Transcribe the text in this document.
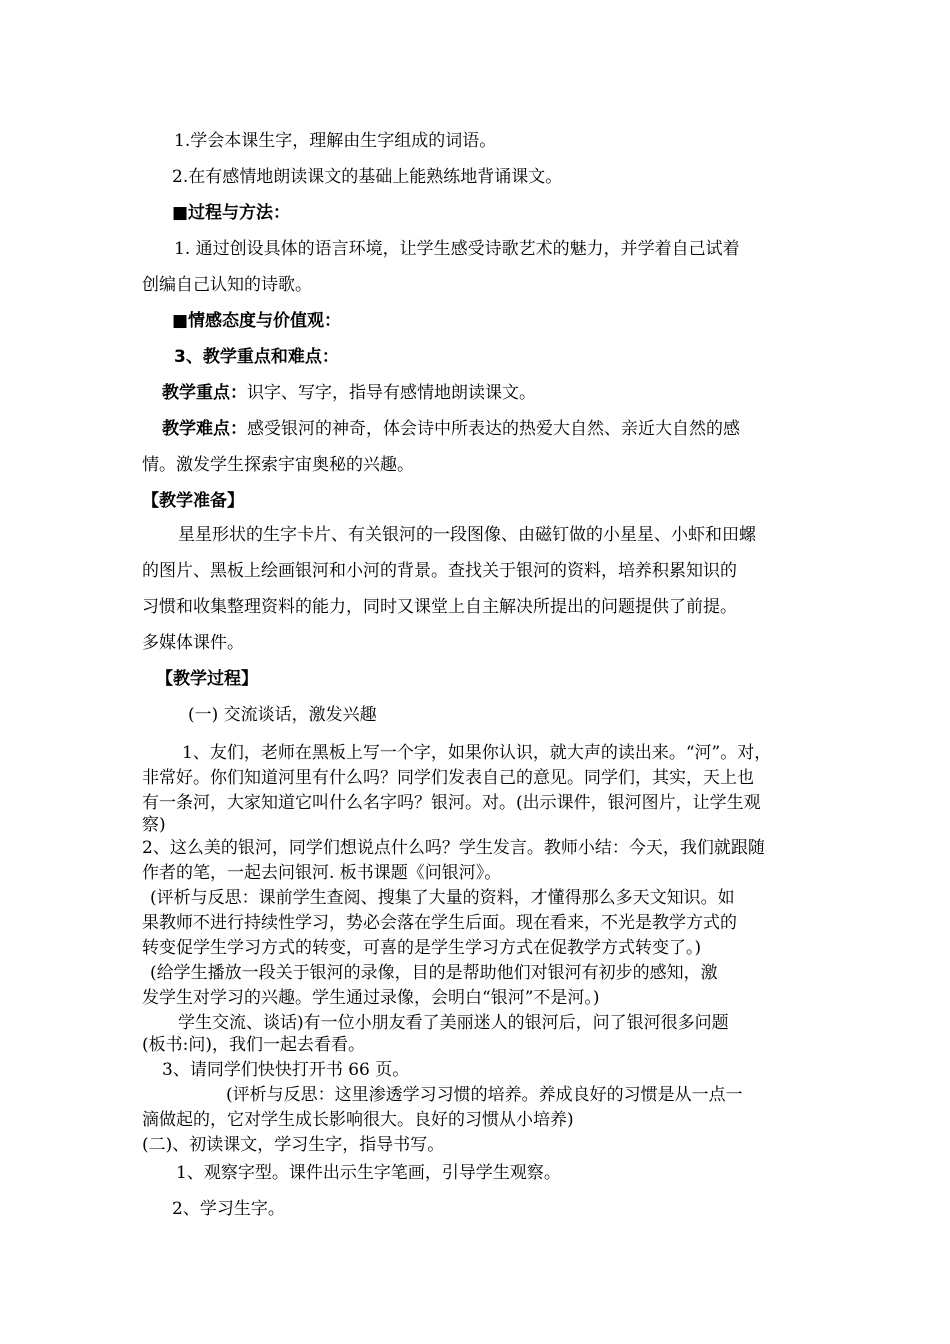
1.学会本课生字，理解由生字组成的词语。
2.在有感情地朗读课文的基础上能熟练地背诵课文。
■过程与方法：
1. 通过创设具体的语言环境，让学生感受诗歌艺术的魅力，并学着自己试着
创编自己认知的诗歌。
■情感态度与价值观：
3、教学重点和难点：
教学重点：识字、写字，指导有感情地朗读课文。
教学难点：感受银河的神奇，体会诗中所表达的热爱大自然、亲近大自然的感
情。激发学生探索宇宙奥秘的兴趣。
【教学准备】
星星形状的生字卡片、有关银河的一段图像、由磁钉做的小星星、小虾和田螺
的图片、黑板上绘画银河和小河的背景。查找关于银河的资料，培养积累知识的
习惯和收集整理资料的能力，同时又课堂上自主解决所提出的问题提供了前提。
多媒体课件。
【教学过程】
(一) 交流谈话，激发兴趣
1、友们，老师在黑板上写一个字，如果你认识，就大声的读出来。“河”。对，
非常好。你们知道河里有什么吗？同学们发表自己的意见。同学们，其实，天上也
有一条河，大家知道它叫什么名字吗？银河。对。(出示课件，银河图片，让学生观
察)
2、这么美的银河，同学们想说点什么吗？学生发言。教师小结：今天，我们就跟随
作者的笔，一起去问银河. 板书课题《问银河》。
(评析与反思：课前学生查阅、搜集了大量的资料，才懂得那么多天文知识。如
果教师不进行持续性学习，势必会落在学生后面。现在看来，不光是教学方式的
转变促学生学习方式的转变，可喜的是学生学习方式在促教学方式转变了。)
(给学生播放一段关于银河的录像，目的是帮助他们对银河有初步的感知，激
发学生对学习的兴趣。学生通过录像，会明白“银河”不是河。)
学生交流、谈话)有一位小朋友看了美丽迷人的银河后，问了银河很多问题
(板书:问)，我们一起去看看。
3、请同学们快快打开书 66 页。
(评析与反思：这里渗透学习习惯的培养。养成良好的习惯是从一点一
滴做起的，它对学生成长影响很大。良好的习惯从小培养)
(二)、初读课文，学习生字，指导书写。
1、观察字型。课件出示生字笔画，引导学生观察。
2、学习生字。
